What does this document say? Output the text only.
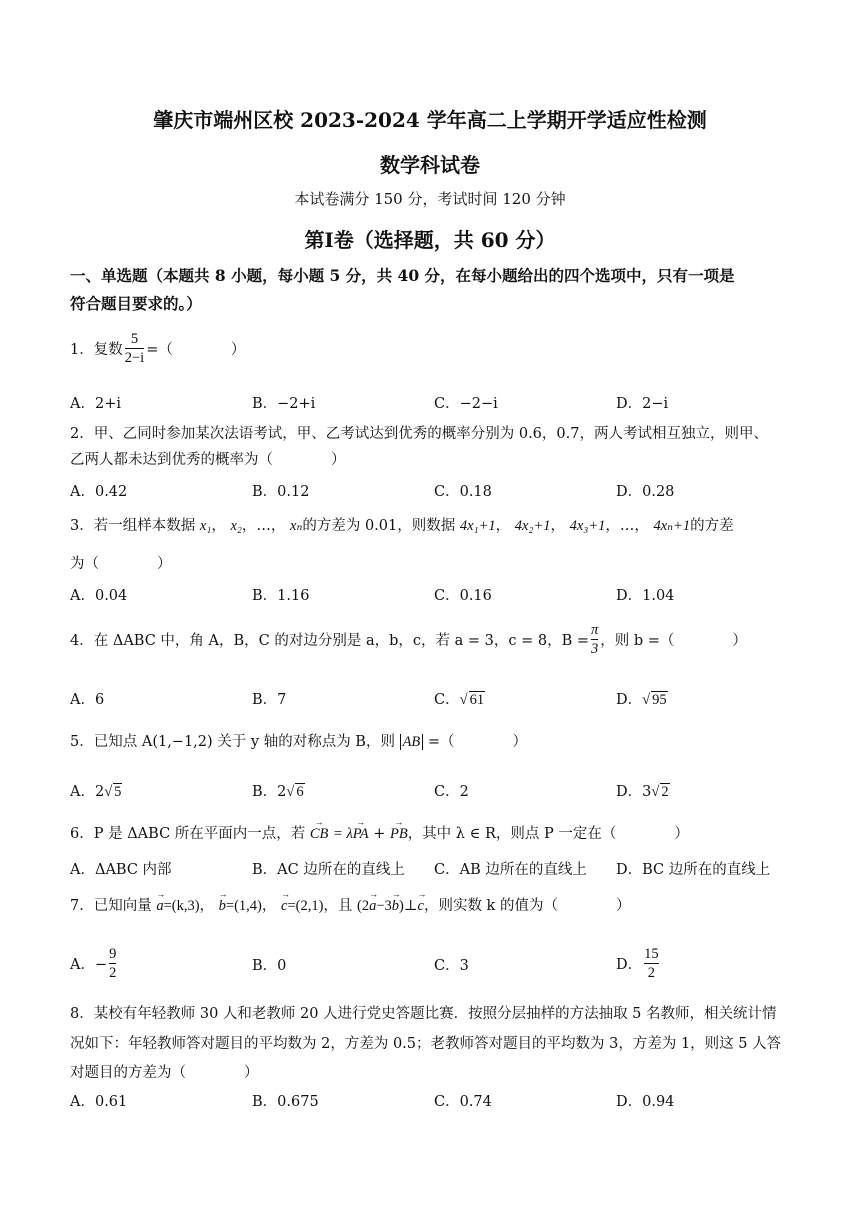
肇庆市端州区校 2023-2024 学年高二上学期开学适应性检测
数学科试卷
本试卷满分 150 分，考试时间 120 分钟
第Ⅰ卷（选择题，共 60 分）
一、单选题（本题共 8 小题，每小题 5 分，共 40 分，在每小题给出的四个选项中，只有一项是
符合题目要求的。）
1． 复数 $\frac{5}{2-i}$ =（　　　　）
A．2+i	B．−2+i	C．−2−i	D．2−i
2．甲、乙同时参加某次法语考试，甲、乙考试达到优秀的概率分别为 0.6，0.7，两人考试相互独立，则甲、
乙两人都未达到优秀的概率为（　　　　）
A．0.42	B．0.12	C．0.18	D．0.28
3．若一组样本数据 x₁， x₂，…， xₙ的方差为 0.01，则数据 4x₁+1， 4x₂+1， 4x₃+1，…， 4xₙ+1的方差
为（　　　　）
A．0.04	B．1.16	C．0.16	D．1.04
4． 在 ΔABC 中，角 A，B，C 的对边分别是 a，b，c，若 a = 3，c = 8，$B = \frac{\pi}{3}$ ，则 b =（　　　　）
A．6	B．7	C．√ 61	D．√ 95
5．已知点 A(1,−1,2) 关于 y 轴的对称点为 B，则 AB =（　　　　）
A．2√ 5	B．2√ 6	C．2	D．3√ 2
6．P 是 ΔABC 所在平面内一点，若 → CB = λ→ PA + → PB，其中 λ ∈ R，则点 P 一定在（　　　　）
A．ΔABC 内部	B．AC 边所在的直线上 C．AB 边所在的直线上 D．BC 边所在的直线上
7．已知向量 → a=(k,3)， → b=(1,4)， → c=(2,1)，且 (2→ a−3→ b)⊥→ c，则实数 k 的值为（　　　　）
A．− $\frac{9}{2}$	B．0	C．3	D． $\frac{15}{2}$
8．某校有年轻教师 30 人和老教师 20 人进行党史答题比赛．按照分层抽样的方法抽取 5 名教师，相关统计情
况如下：年轻教师答对题目的平均数为 2，方差为 0.5；老教师答对题目的平均数为 3，方差为 1，则这 5 人答
对题目的方差为（　　　　）
A．0.61	B．0.675	C．0.74	D．0.94
